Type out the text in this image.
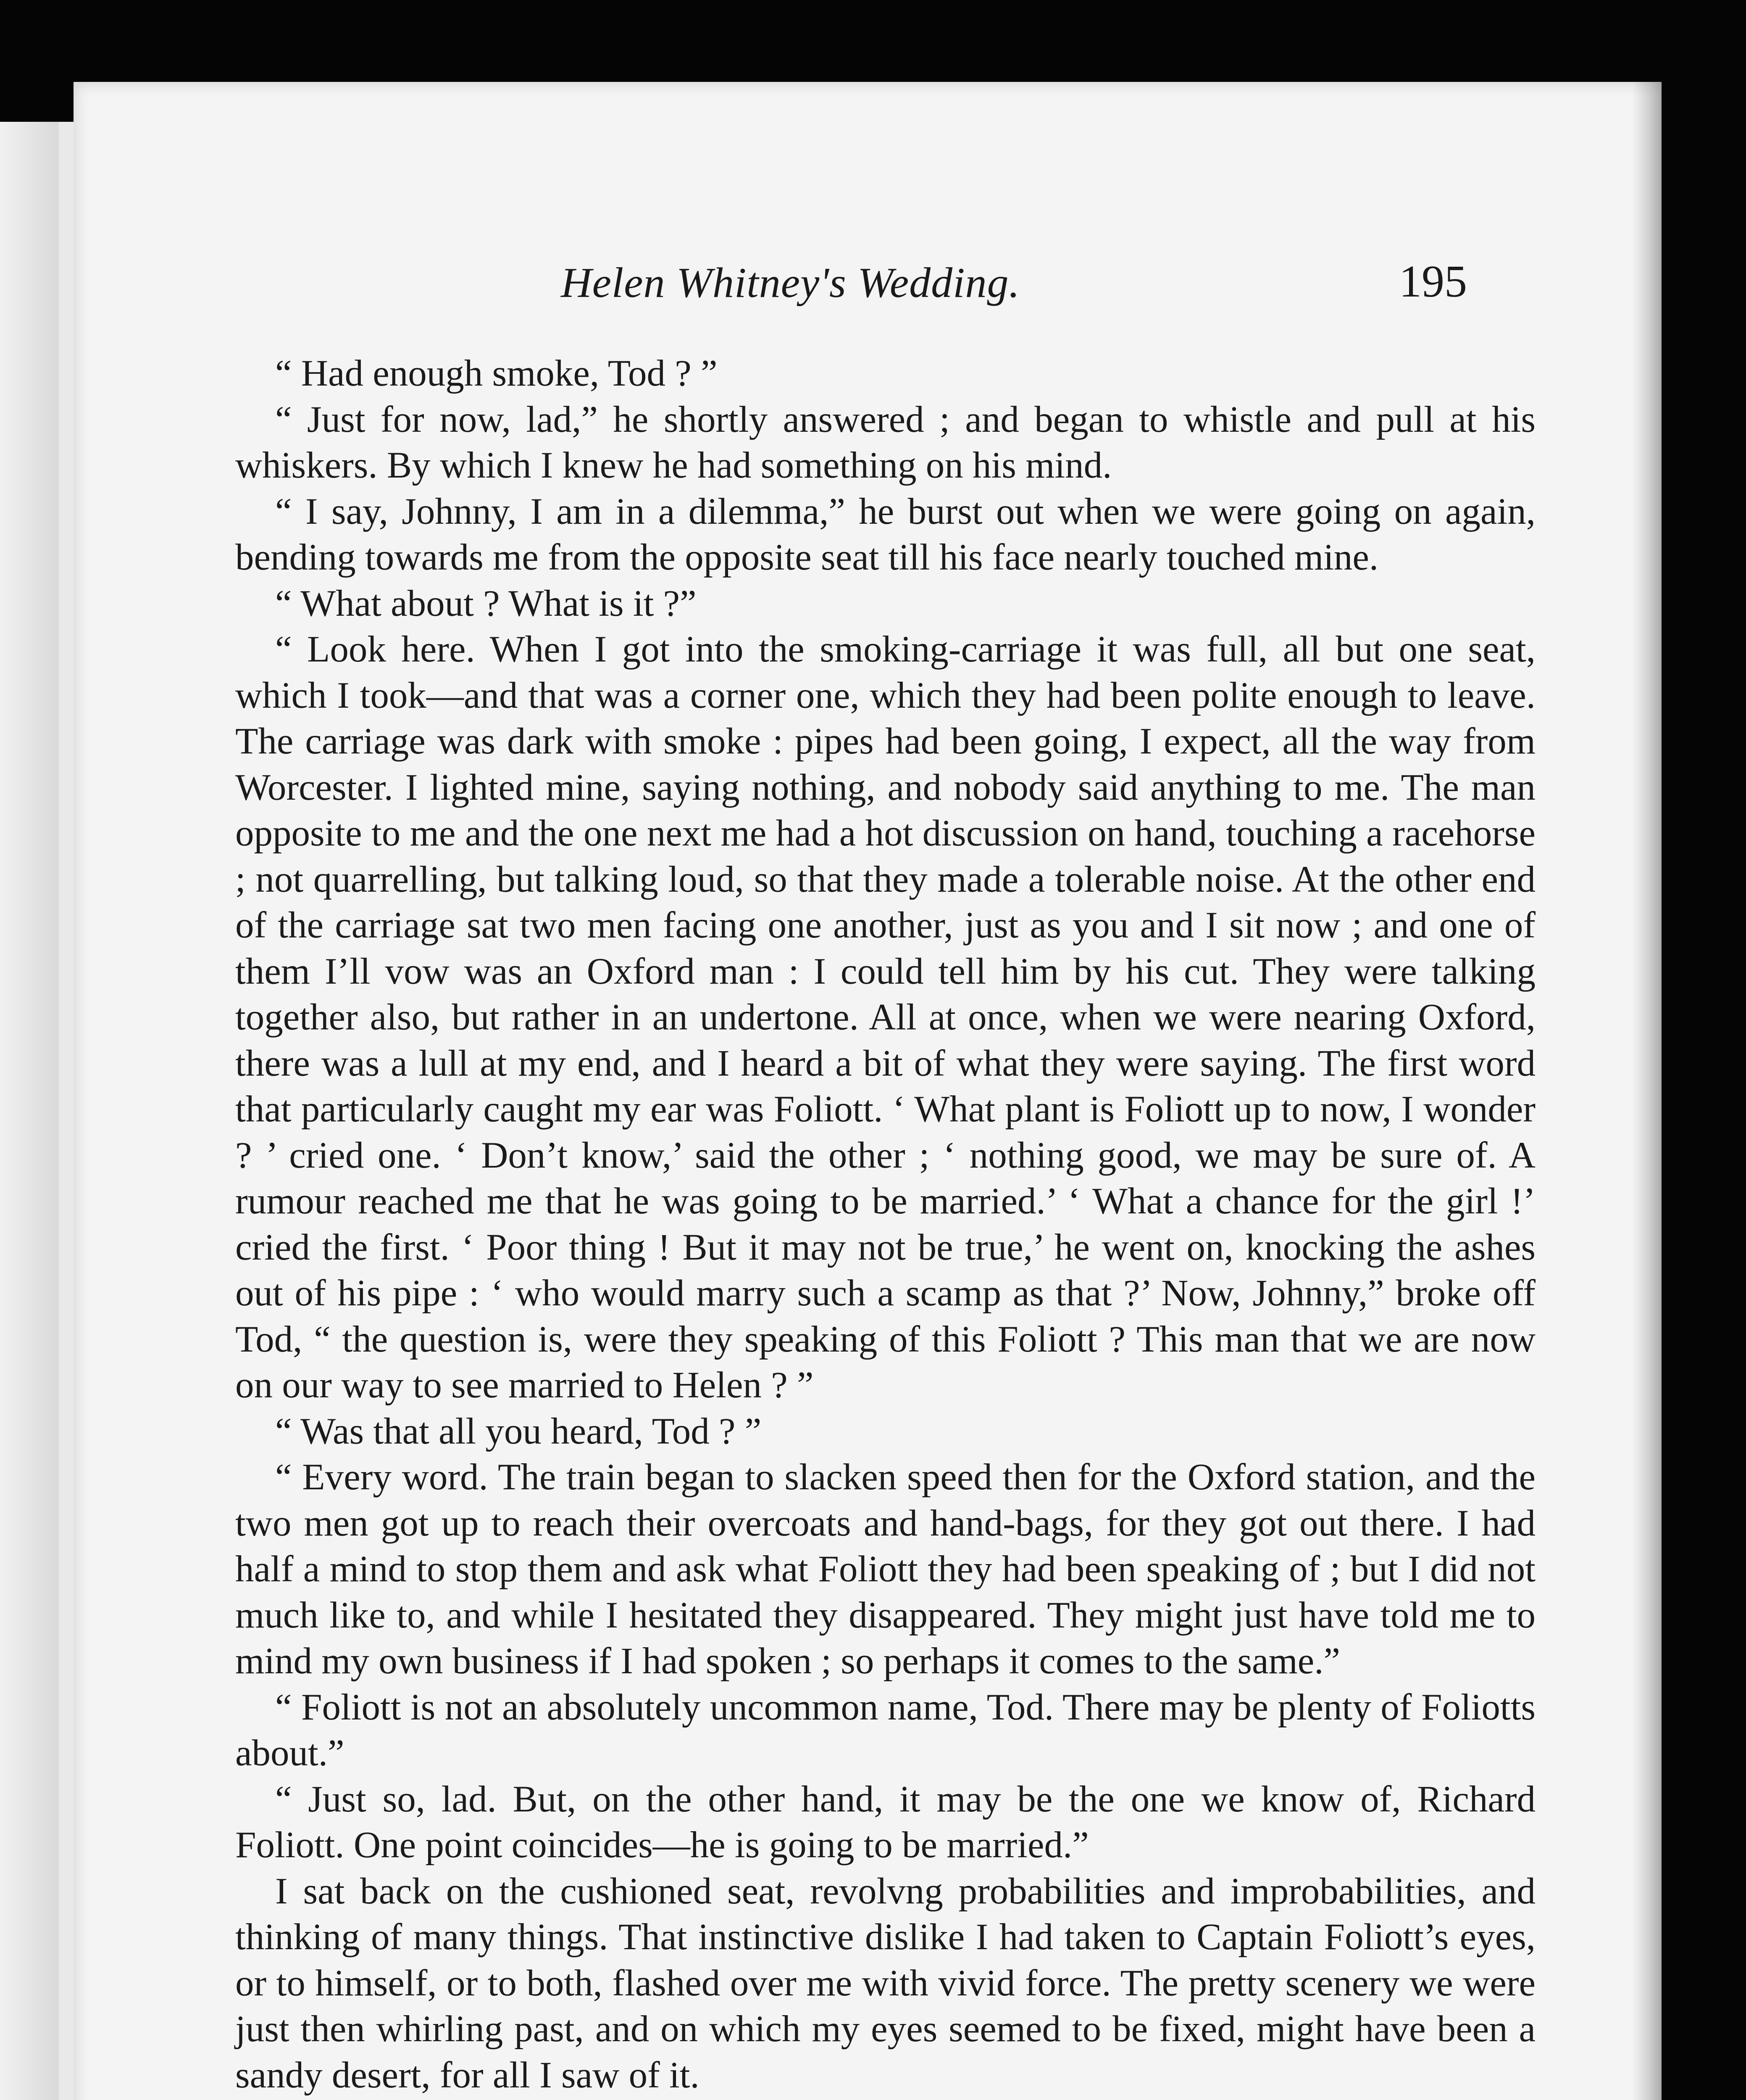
Helen Whitney's Wedding.	195

“ Had enough smoke, Tod ? ”

“ Just for now, lad,” he shortly answered ; and began to whistle and pull at his whiskers. By which I knew he had something on his mind.

“ I say, Johnny, I am in a dilemma,” he burst out when we were going on again, bending towards me from the opposite seat till his face nearly touched mine.

“ What about ? What is it ?”

“ Look here. When I got into the smoking-carriage it was full, all but one seat, which I took—and that was a corner one, which they had been polite enough to leave. The carriage was dark with smoke : pipes had been going, I expect, all the way from Worcester. I lighted mine, saying nothing, and nobody said anything to me. The man opposite to me and the one next me had a hot discussion on hand, touching a racehorse ; not quarrelling, but talking loud, so that they made a tolerable noise. At the other end of the carriage sat two men facing one another, just as you and I sit now ; and one of them I’ll vow was an Oxford man : I could tell him by his cut. They were talking together also, but rather in an undertone. All at once, when we were nearing Oxford, there was a lull at my end, and I heard a bit of what they were saying. The first word that particularly caught my ear was Foliott. ‘ What plant is Foliott up to now, I wonder ? ’ cried one. ‘ Don’t know,’ said the other ; ‘ nothing good, we may be sure of. A rumour reached me that he was going to be married.’ ‘ What a chance for the girl !’ cried the first. ‘ Poor thing ! But it may not be true,’ he went on, knocking the ashes out of his pipe : ‘ who would marry such a scamp as that ?’ Now, Johnny,” broke off Tod, “ the question is, were they speaking of this Foliott ? This man that we are now on our way to see married to Helen ? ”

“ Was that all you heard, Tod ? ”

“ Every word. The train began to slacken speed then for the Oxford station, and the two men got up to reach their overcoats and hand-bags, for they got out there. I had half a mind to stop them and ask what Foliott they had been speaking of ; but I did not much like to, and while I hesitated they disappeared. They might just have told me to mind my own business if I had spoken ; so perhaps it comes to the same.”

“ Foliott is not an absolutely uncommon name, Tod. There may be plenty of Foliotts about.”

“ Just so, lad. But, on the other hand, it may be the one we know of, Richard Foliott. One point coincides—he is going to be married.”

I sat back on the cushioned seat, revolvng probabilities and improbabilities, and thinking of many things. That instinctive dislike I had taken to Captain Foliott’s eyes, or to himself, or to both, flashed over me with vivid force. The pretty scenery we were just then whirling past, and on which my eyes seemed to be fixed, might have been a sandy desert, for all I saw of it.
